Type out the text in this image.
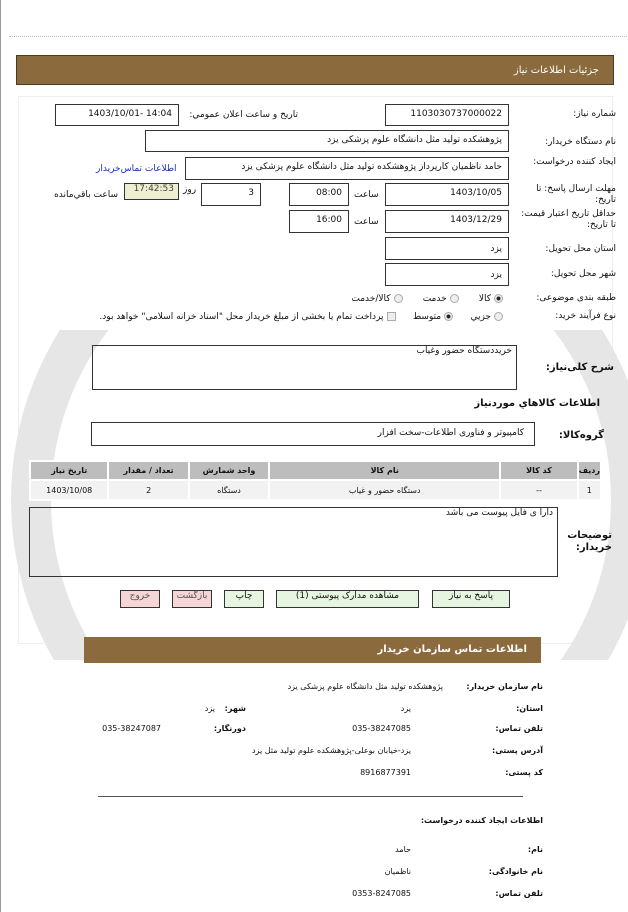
جزئيات اطلاعات نياز
شماره نياز:
1103030737000022
تاريخ و ساعت اعلان عمومي:
1403/10/01- 14:04
نام دستگاه خريدار:
پژوهشکده تولید مثل دانشگاه علوم پزشکی یزد
ایجاد کننده درخواست:
حامد ناظمیان کارپرداز پژوهشکده تولید مثل دانشگاه علوم پزشکی یزد
اطلاعات تماس‌خریدار
مهلت ارسال پاسخ: تا تاريخ:
1403/10/05
ساعت
08:00
3
روز
17:42:53
ساعت باقي‌مانده
حداقل تاريخ اعتبار قيمت: تا تاريخ:
1403/12/29
ساعت
16:00
استان محل تحويل:
یزد
شهر محل تحويل:
یزد
طبقه بندی موضوعی:
کالا      خدمت      کالا/خدمت
نوع فرآيند خريد:
جزيي     متوسط     پرداخت تمام يا بخشی از مبلغ خريداز محل "اسناد خزانه اسلامی" خواهد بود.
شرح کلی‌نياز:
خریددستگاه حضور وغیاب
اطلاعات کالاهاي موردنياز
گروه‌کالا:
کامپیوتر و فناوری اطلاعات-سخت افزار
رديف	کد کالا	نام کالا	واحد شمارش	تعداد / مقدار	تاريخ نياز
1	--	دستگاه حضور و غیاب	دستگاه	2	1403/10/08
توضيحات خريدار:
دارا ی فایل پیوست می باشد
پاسخ به نياز
مشاهده مدارک پیوستی (1)
چاپ
بازگشت
خروج
اطلاعات تماس سازمان خريدار
نام سازمان خريدار:
پژوهشکده تولید مثل دانشگاه علوم پزشکی یزد
استان:
یزد
شهر:
یزد
تلفن تماس:
035-38247085
دورنگار:
035-38247087
آدرس پستی:
یزد-خیابان بوعلی-پژوهشکده علوم تولید مثل یزد
کد پستی:
8916877391
اطلاعات ایجاد کننده درخواست:
نام:
حامد
نام خانوادگی:
ناظمیان
تلفن تماس:
0353-8247085
